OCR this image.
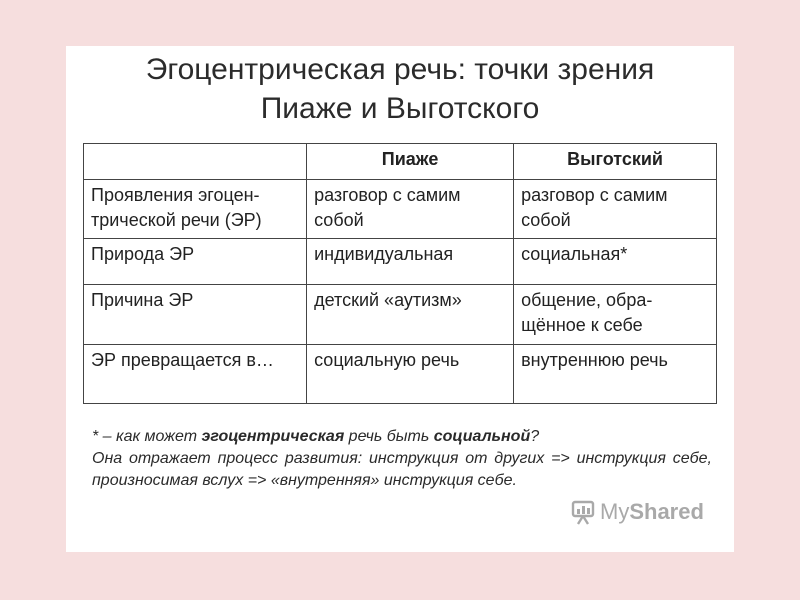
Эгоцентрическая речь: точки зрения
Пиаже и Выготского
	Пиаже	Выготский
Проявления эгоцен-трической речи (ЭР)	разговор с самим собой	разговор с самим собой
Природа ЭР	индивидуальная	социальная*
Причина ЭР	детский «аутизм»	общение, обра-щённое к себе
ЭР превращается в…	социальную речь	внутреннюю речь

* – как может эгоцентрическая речь быть социальной?

Она отражает процесс развития: инструкция от других => инструкция себе, произносимая вслух => «внутренняя» инструкция себе.

My Shared
